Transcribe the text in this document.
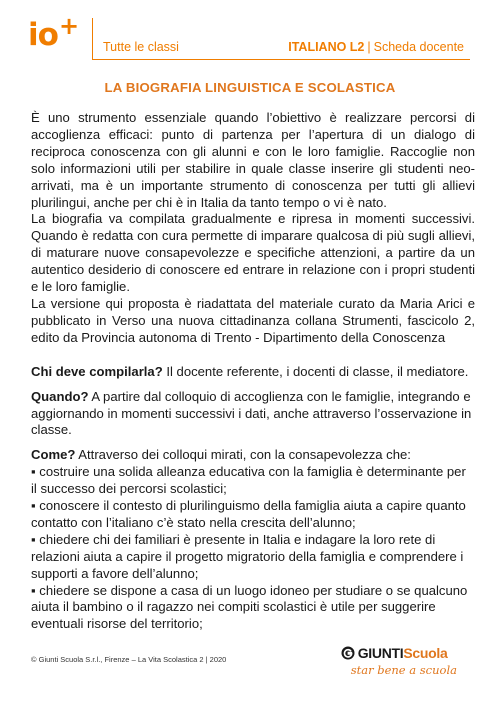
io+
Tutte le classi	ITALIANO L2 | Scheda docente
LA BIOGRAFIA LINGUISTICA E SCOLASTICA

È uno strumento essenziale quando l’obiettivo è realizzare percorsi di accoglienza efficaci: punto di partenza per l’apertura di un dialogo di reciproca conoscenza con gli alunni e con le loro famiglie. Raccoglie non solo informazioni utili per stabilire in quale classe inserire gli studenti neo-arrivati, ma è un importante strumento di conoscenza per tutti gli allievi plurilingui, anche per chi è in Italia da tanto tempo o vi è nato.

La biografia va compilata gradualmente e ripresa in momenti successivi. Quando è redatta con cura permette di imparare qualcosa di più sugli allievi, di maturare nuove consapevolezze e specifiche attenzioni, a partire da un autentico desiderio di conoscere ed entrare in relazione con i propri studenti e le loro famiglie.

La versione qui proposta è riadattata del materiale curato da Maria Arici e pubblicato in Verso una nuova cittadinanza collana Strumenti, fascicolo 2, edito da Provincia autonoma di Trento - Dipartimento della Conoscenza

Chi deve compilarla? Il docente referente, i docenti di classe, il mediatore.

Quando? A partire dal colloquio di accoglienza con le famiglie, integrando e aggiornando in momenti successivi i dati, anche attraverso l’osservazione in classe.

Come? Attraverso dei colloqui mirati, con la consapevolezza che:

▪ costruire una solida alleanza educativa con la famiglia è determinante per il successo dei percorsi scolastici;

▪ conoscere il contesto di plurilinguismo della famiglia aiuta a capire quanto contatto con l’italiano c’è stato nella crescita dell’alunno;

▪ chiedere chi dei familiari è presente in Italia e indagare la loro rete di relazioni aiuta a capire il progetto migratorio della famiglia e comprendere i supporti a favore dell’alunno;

▪ chiedere se dispone a casa di un luogo idoneo per studiare o se qualcuno aiuta il bambino o il ragazzo nei compiti scolastici è utile per suggerire eventuali risorse del territorio;

© Giunti Scuola S.r.l., Firenze – La Vita Scolastica 2 | 2020	GIUNTI Scuola
star bene a scuola
